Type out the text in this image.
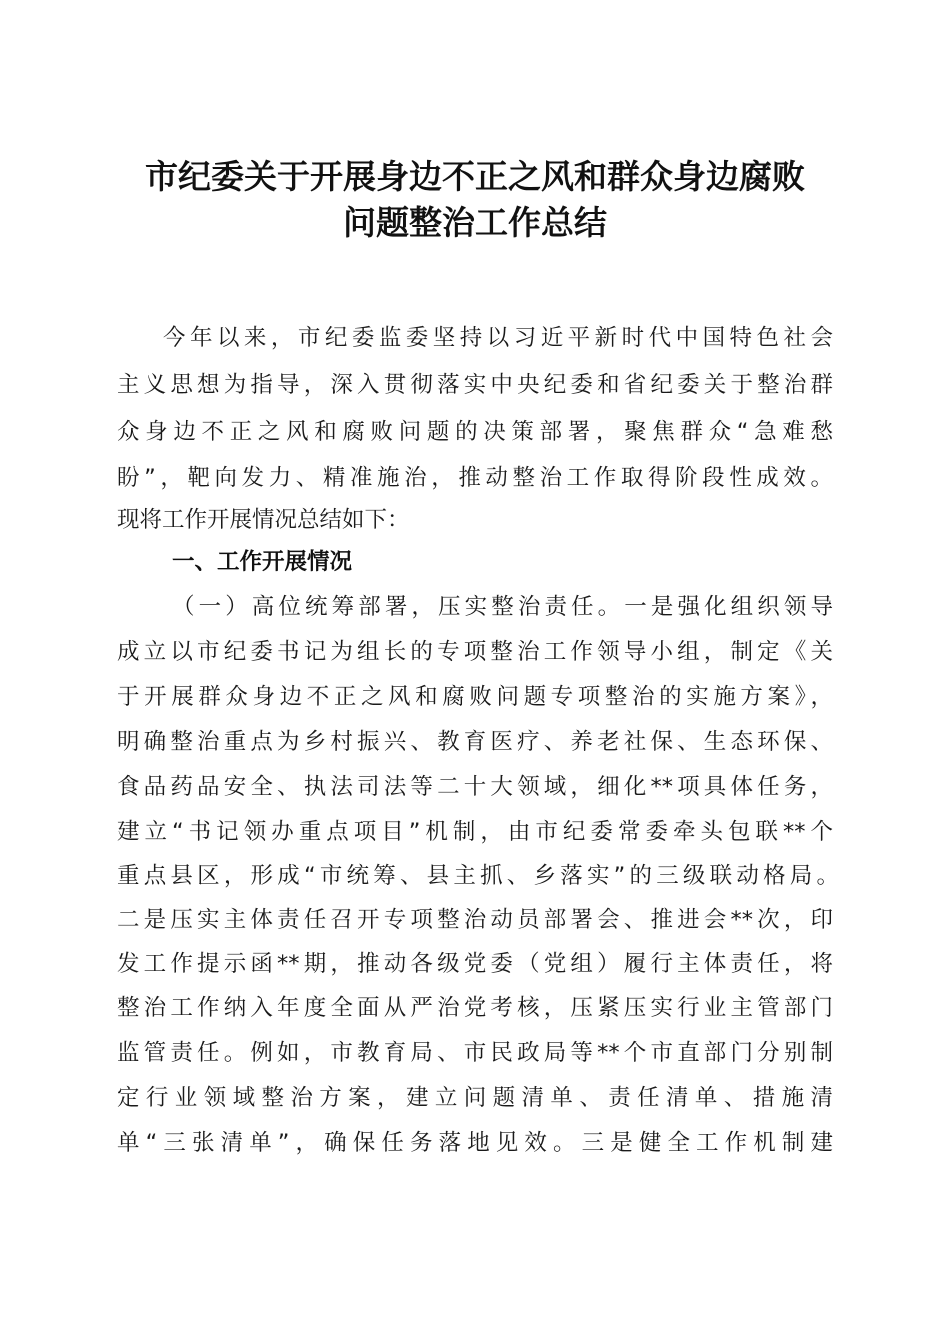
市纪委关于开展身边不正之风和群众身边腐败
问题整治工作总结
今年以来，市纪委监委坚持以习近平新时代中国特色社会
主义思想为指导，深入贯彻落实中央纪委和省纪委关于整治群
众身边不正之风和腐败问题的决策部署，聚焦群众“急难愁
盼”，靶向发力、精准施治，推动整治工作取得阶段性成效。
现将工作开展情况总结如下：
一、工作开展情况
（一）高位统筹部署，压实整治责任。一是强化组织领导
成立以市纪委书记为组长的专项整治工作领导小组，制定《关
于开展群众身边不正之风和腐败问题专项整治的实施方案》，
明确整治重点为乡村振兴、教育医疗、养老社保、生态环保、
食品药品安全、执法司法等二十大领域，细化**项具体任务，
建立“书记领办重点项目”机制，由市纪委常委牵头包联**个
重点县区，形成“市统筹、县主抓、乡落实”的三级联动格局。
二是压实主体责任召开专项整治动员部署会、推进会**次，印
发工作提示函**期，推动各级党委（党组）履行主体责任，将
整治工作纳入年度全面从严治党考核，压紧压实行业主管部门
监管责任。例如，市教育局、市民政局等**个市直部门分别制
定行业领域整治方案，建立问题清单、责任清单、措施清
单“三张清单”，确保任务落地见效。三是健全工作机制建
